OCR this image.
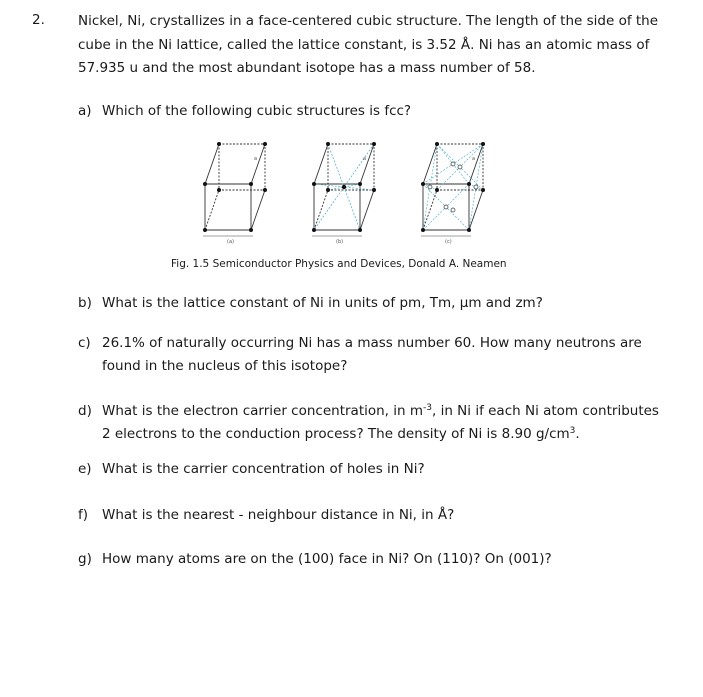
2. Nickel, Ni, crystallizes in a face-centered cubic structure. The length of the side of the cube in the Ni lattice, called the lattice constant, is 3.52 Å. Ni has an atomic mass of 57.935 u and the most abundant isotope has a mass number of 58.
a) Which of the following cubic structures is fcc?
(a)
a
(b)
a
(c)
a
Fig. 1.5 Semiconductor Physics and Devices, Donald A. Neamen
b) What is the lattice constant of Ni in units of pm, Tm, μm and zm?
c) 26.1% of naturally occurring Ni has a mass number 60. How many neutrons are found in the nucleus of this isotope?
d) What is the electron carrier concentration, in $m^{-3}$, in Ni if each Ni atom contributes 2 electrons to the conduction process? The density of Ni is 8.90 $g/cm^3$.
e) What is the carrier concentration of holes in Ni?
f) What is the nearest - neighbour distance in Ni, in Å?
g) How many atoms are on the (100) face in Ni? On (110)? On (001)?
